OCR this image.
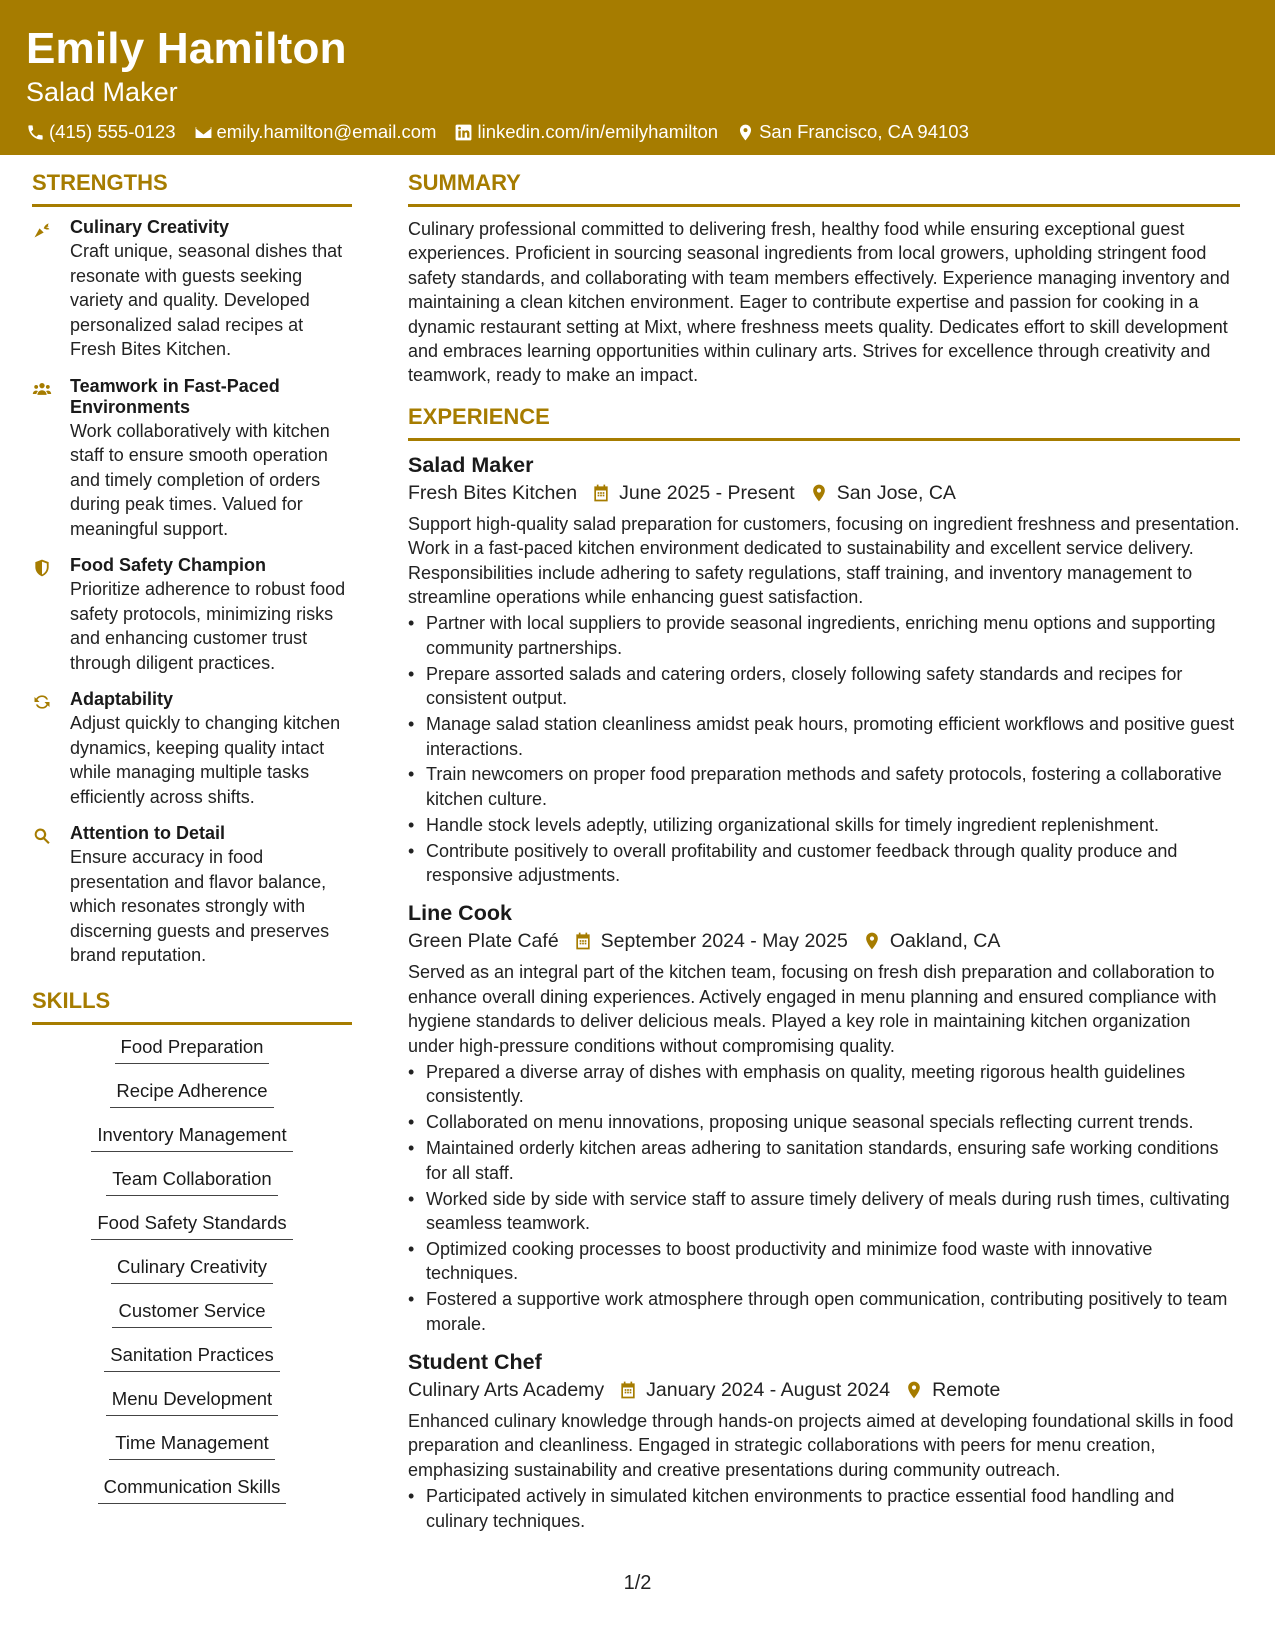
Emily Hamilton
Salad Maker
(415) 555-0123 emily.hamilton@email.com linkedin.com/in/emilyhamilton San Francisco, CA 94103
STRENGTHS
Culinary Creativity
Craft unique, seasonal dishes that resonate with guests seeking variety and quality. Developed personalized salad recipes at Fresh Bites Kitchen.
Teamwork in Fast-Paced Environments
Work collaboratively with kitchen staff to ensure smooth operation and timely completion of orders during peak times. Valued for meaningful support.
Food Safety Champion
Prioritize adherence to robust food safety protocols, minimizing risks and enhancing customer trust through diligent practices.
Adaptability
Adjust quickly to changing kitchen dynamics, keeping quality intact while managing multiple tasks efficiently across shifts.
Attention to Detail
Ensure accuracy in food presentation and flavor balance, which resonates strongly with discerning guests and preserves brand reputation.
SKILLS
Food Preparation
Recipe Adherence
Inventory Management
Team Collaboration
Food Safety Standards
Culinary Creativity
Customer Service
Sanitation Practices
Menu Development
Time Management
Communication Skills
SUMMARY
Culinary professional committed to delivering fresh, healthy food while ensuring exceptional guest experiences. Proficient in sourcing seasonal ingredients from local growers, upholding stringent food safety standards, and collaborating with team members effectively. Experience managing inventory and maintaining a clean kitchen environment. Eager to contribute expertise and passion for cooking in a dynamic restaurant setting at Mixt, where freshness meets quality. Dedicates effort to skill development and embraces learning opportunities within culinary arts. Strives for excellence through creativity and teamwork, ready to make an impact.
EXPERIENCE
Salad Maker
Fresh Bites Kitchen June 2025 - Present San Jose, CA
Support high-quality salad preparation for customers, focusing on ingredient freshness and presentation. Work in a fast-paced kitchen environment dedicated to sustainability and excellent service delivery. Responsibilities include adhering to safety regulations, staff training, and inventory management to streamline operations while enhancing guest satisfaction.
• Partner with local suppliers to provide seasonal ingredients, enriching menu options and supporting community partnerships.
• Prepare assorted salads and catering orders, closely following safety standards and recipes for consistent output.
• Manage salad station cleanliness amidst peak hours, promoting efficient workflows and positive guest interactions.
• Train newcomers on proper food preparation methods and safety protocols, fostering a collaborative kitchen culture.
• Handle stock levels adeptly, utilizing organizational skills for timely ingredient replenishment.
• Contribute positively to overall profitability and customer feedback through quality produce and responsive adjustments.
Line Cook
Green Plate Café September 2024 - May 2025 Oakland, CA
Served as an integral part of the kitchen team, focusing on fresh dish preparation and collaboration to enhance overall dining experiences. Actively engaged in menu planning and ensured compliance with hygiene standards to deliver delicious meals. Played a key role in maintaining kitchen organization under high-pressure conditions without compromising quality.
• Prepared a diverse array of dishes with emphasis on quality, meeting rigorous health guidelines consistently.
• Collaborated on menu innovations, proposing unique seasonal specials reflecting current trends.
• Maintained orderly kitchen areas adhering to sanitation standards, ensuring safe working conditions for all staff.
• Worked side by side with service staff to assure timely delivery of meals during rush times, cultivating seamless teamwork.
• Optimized cooking processes to boost productivity and minimize food waste with innovative techniques.
• Fostered a supportive work atmosphere through open communication, contributing positively to team morale.
Student Chef
Culinary Arts Academy January 2024 - August 2024 Remote
Enhanced culinary knowledge through hands-on projects aimed at developing foundational skills in food preparation and cleanliness. Engaged in strategic collaborations with peers for menu creation, emphasizing sustainability and creative presentations during community outreach.
• Participated actively in simulated kitchen environments to practice essential food handling and culinary techniques.
1/2
